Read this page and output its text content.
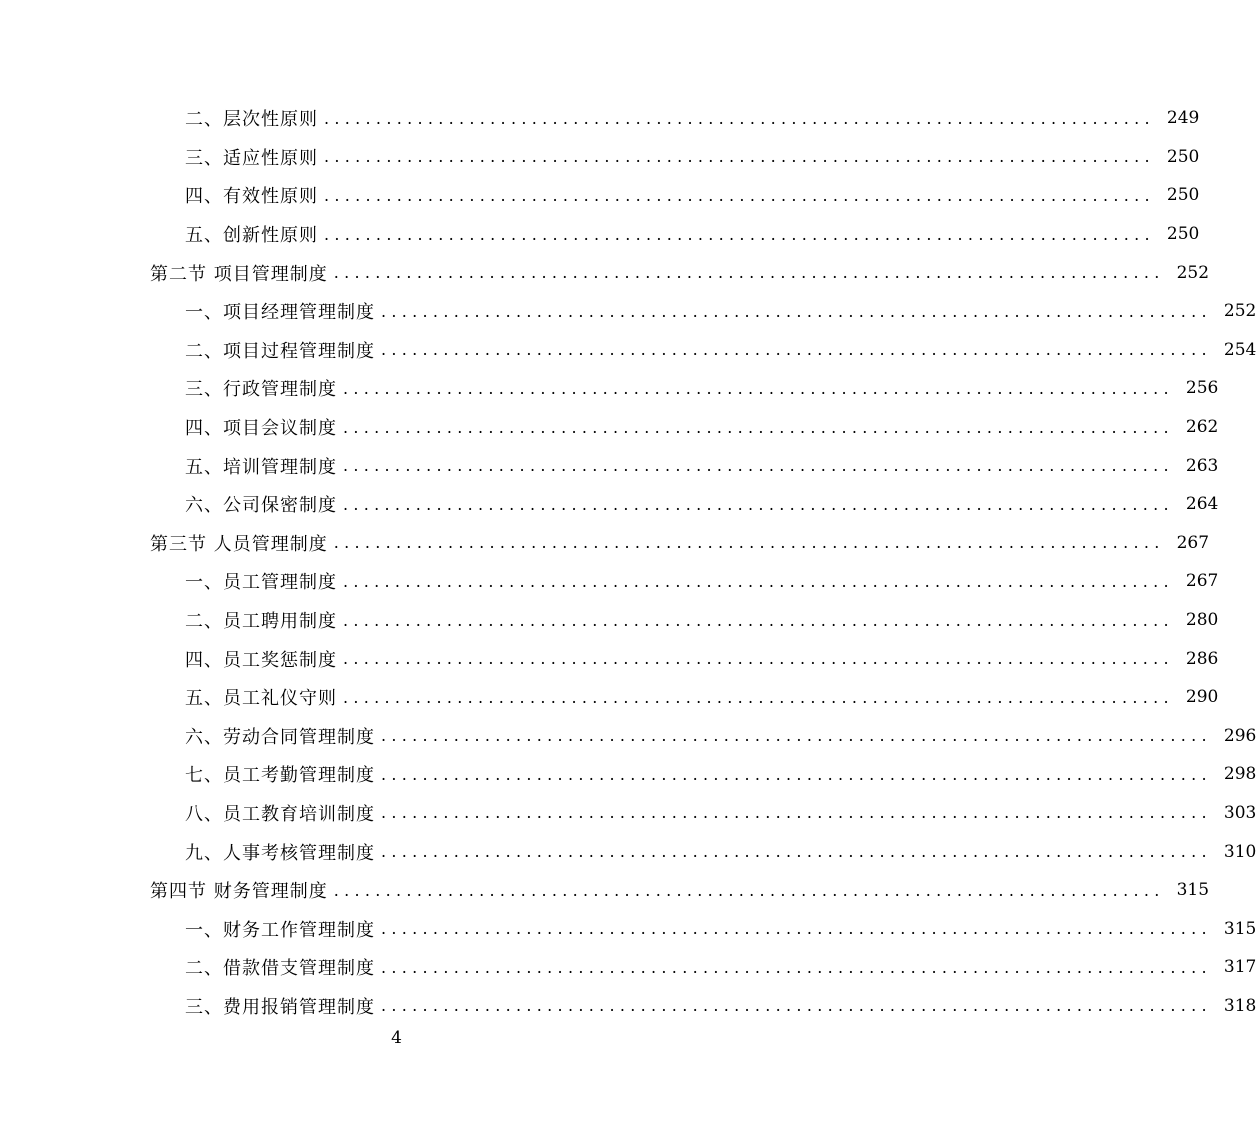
二、层次性原则 ................................................................................ 249
三、适应性原则 ................................................................................ 250
四、有效性原则 ................................................................................ 250
五、创新性原则 ................................................................................ 250
第二节 项目管理制度 ................................................................................ 252
一、项目经理管理制度 ................................................................................ 252
二、项目过程管理制度 ................................................................................ 254
三、行政管理制度 ................................................................................ 256
四、项目会议制度 ................................................................................ 262
五、培训管理制度 ................................................................................ 263
六、公司保密制度 ................................................................................ 264
第三节 人员管理制度 ................................................................................ 267
一、员工管理制度 ................................................................................ 267
二、员工聘用制度 ................................................................................ 280
四、员工奖惩制度 ................................................................................ 286
五、员工礼仪守则 ................................................................................ 290
六、劳动合同管理制度 ................................................................................ 296
七、员工考勤管理制度 ................................................................................ 298
八、员工教育培训制度 ................................................................................ 303
九、人事考核管理制度 ................................................................................ 310
第四节 财务管理制度 ................................................................................ 315
一、财务工作管理制度 ................................................................................ 315
二、借款借支管理制度 ................................................................................ 317
三、费用报销管理制度 ................................................................................ 318
4
